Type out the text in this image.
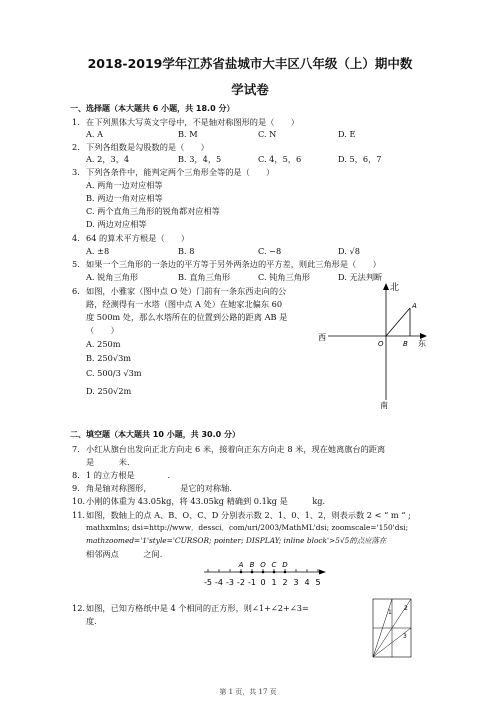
2018-2019学年江苏省盐城市大丰区八年级（上）期中数
学试卷
一、选择题（本大题共 6 小题，共 18.0 分）
1. 在下列黑体大写英文字母中，不是轴对称图形的是（　　）
A. A	B. M	C. N	D. E
2. 下列各组数是勾股数的是（　　）
A. 2，3，4	B. 3，4，5	C. 4，5，6	D. 5，6，7
3. 下列各条件中，能判定两个三角形全等的是（　　）
A. 两角一边对应相等
B. 两边一角对应相等
C. 两个直角三角形的锐角都对应相等
D. 两边对应相等
4. 64 的算术平方根是（　　）
A. ±8	B. 8	C. −8	D. √8
5. 如果一个三角形的一条边的平方等于另外两条边的平方差，则此三角形是（　　）
A. 锐角三角形	B. 直角三角形	C. 钝角三角形	D. 无法判断
6. 如图，小雅家（图中点 O 处）门前有一条东西走向的公
路，经测得有一水塔（图中点 A 处）在她家北偏东 60
度 500m 处，那么水塔所在的位置到公路的距离 AB 是
（　　）
A. 250m
B. 250√3m
C. 500/3 √3m
D. 250√2m
北
西
东
南
O
A
B
二、填空题（本大题共 10 小题，共 30.0 分）
7. 小红从旗台出发向正北方向走 6 米，接着向正东方向走 8 米，现在她离旗台的距离
是　　　米.
8. 1 的立方根是　　　　.
9. 角是轴对称图形，　　　　是它的对称轴.
10.小刚的体重为 43.05kg，将 43.05kg 精确到 0.1kg 是　　　kg.
11.如图，数轴上的点 A、B、O、C、D 分别表示数 2、1、0、1、2，则表示数 2 < “ m “ ;
mathxmlns; dsi=http://www．dessci．com/uri/2003/MathML'dsi; zoomscale='150'dsi;
mathzoomed='1'style='CURSOR; pointer; DISPLAY; inline block'>5√5的点应落在
相邻两点　　　之间.
-5 -4 -3 -2 -1 0 1 2 3 4 5
A B O C D
12.如图，已知方格纸中是 4 个相同的正方形，则∠1+∠2+∠3=
度.
1
2
3
第 1 页，共 17 页
